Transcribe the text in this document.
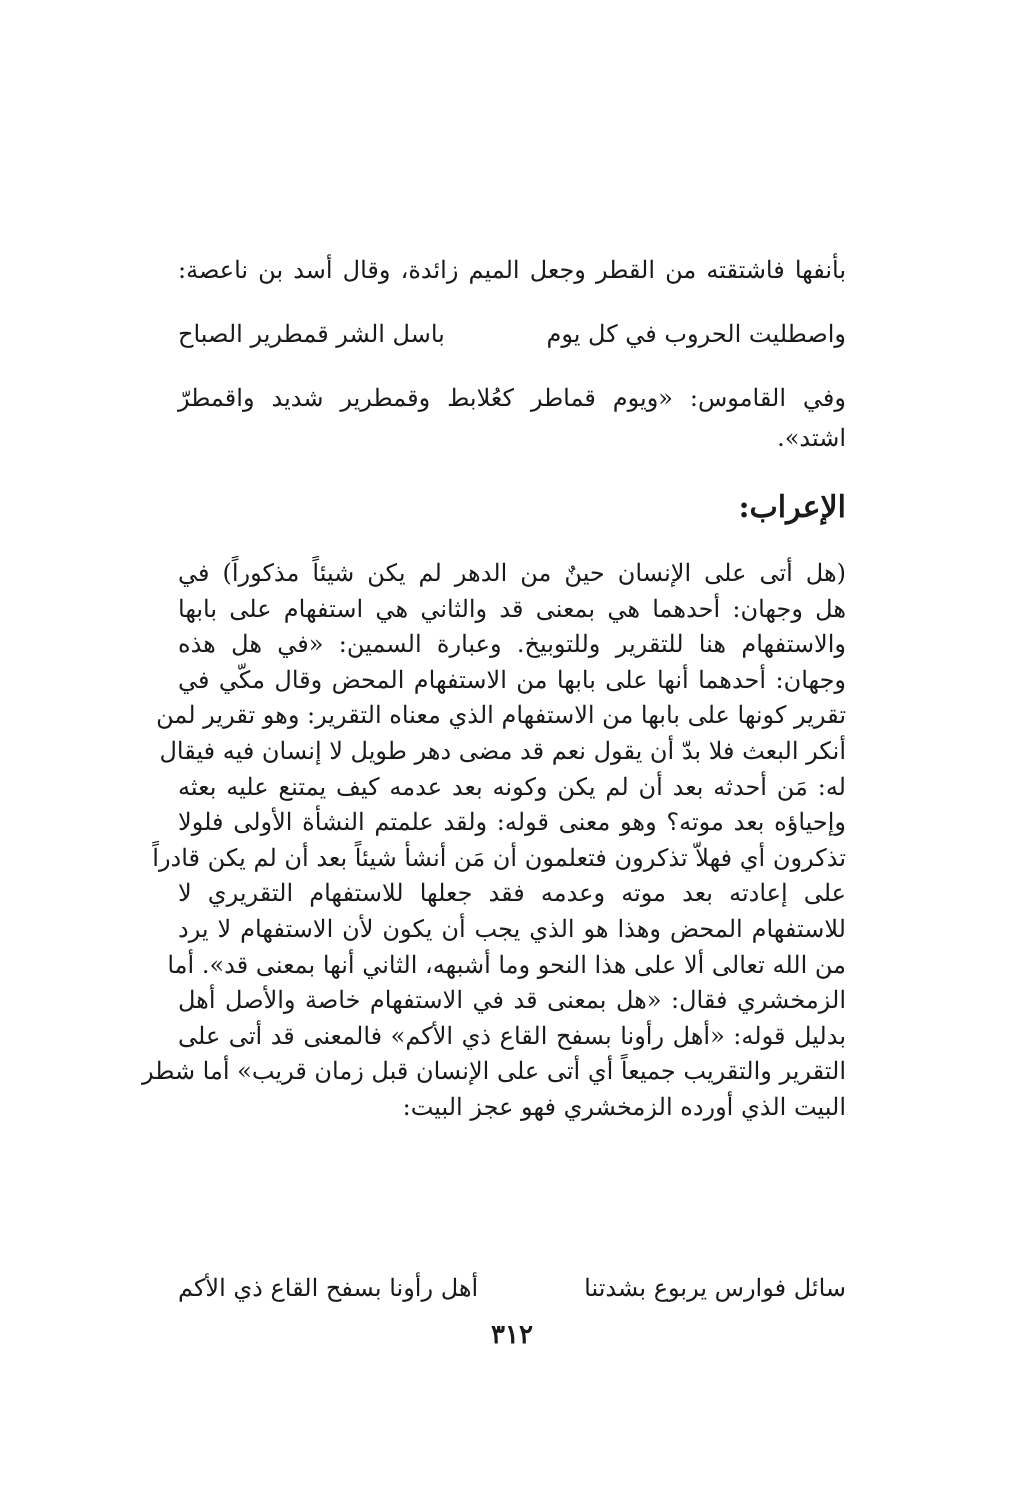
بأنفها فاشتقته من القطر وجعل الميم زائدة، وقال أسد بن ناعصة:
واصطليت الحروب في كل يوم
باسل الشر قمطرير الصباح
وفي القاموس: «ويوم قماطر كعُلابط وقمطرير شديد واقمطرّ
اشتد».
الإعراب:
(هل أتى على الإنسان حينٌ من الدهر لم يكن شيئاً مذكوراً) في
هل وجهان: أحدهما هي بمعنى قد والثاني هي استفهام على بابها
والاستفهام هنا للتقرير وللتوبيخ. وعبارة السمين: «في هل هذه
وجهان: أحدهما أنها على بابها من الاستفهام المحض وقال مكّي في
تقرير كونها على بابها من الاستفهام الذي معناه التقرير: وهو تقرير لمن
أنكر البعث فلا بدّ أن يقول نعم قد مضى دهر طويل لا إنسان فيه فيقال
له: مَن أحدثه بعد أن لم يكن وكونه بعد عدمه كيف يمتنع عليه بعثه
وإحياؤه بعد موته؟ وهو معنى قوله: ولقد علمتم النشأة الأولى فلولا
تذكرون أي فهلاّ تذكرون فتعلمون أن مَن أنشأ شيئاً بعد أن لم يكن قادراً
على إعادته بعد موته وعدمه فقد جعلها للاستفهام التقريري لا
للاستفهام المحض وهذا هو الذي يجب أن يكون لأن الاستفهام لا يرد
من الله تعالى ألا على هذا النحو وما أشبهه، الثاني أنها بمعنى قد». أما
الزمخشري فقال: «هل بمعنى قد في الاستفهام خاصة والأصل أهل
بدليل قوله: «أهل رأونا بسفح القاع ذي الأكم» فالمعنى قد أتى على
التقرير والتقريب جميعاً أي أتى على الإنسان قبل زمان قريب» أما شطر
البيت الذي أورده الزمخشري فهو عجز البيت:
سائل فوارس يربوع بشدتنا
أهل رأونا بسفح القاع ذي الأكم
٣١٢
